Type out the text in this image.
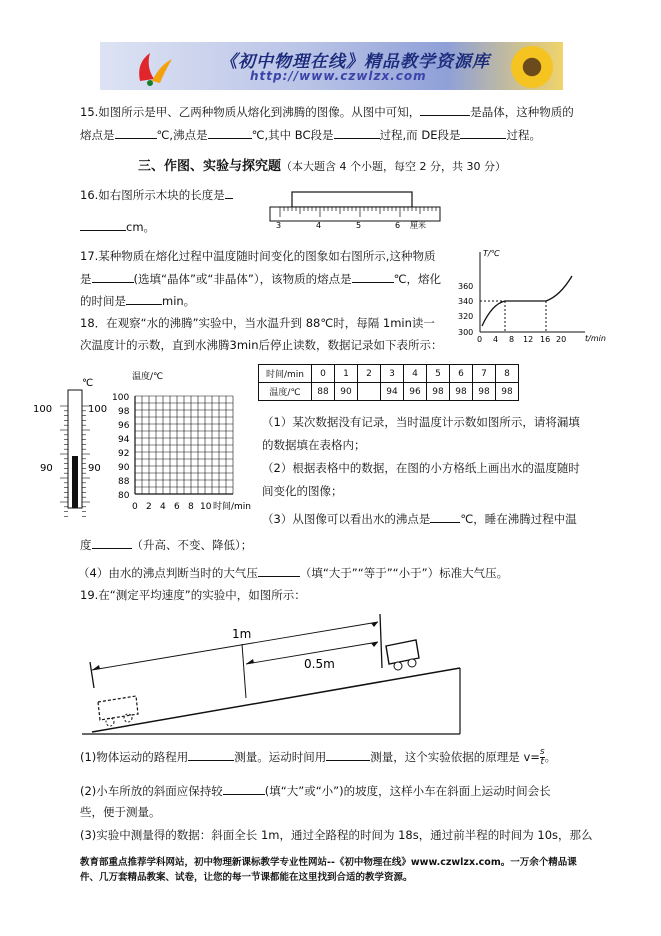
《初中物理在线》精品教学资源库
http://www.czwlzx.com
15.如图所示是甲、乙两种物质从熔化到沸腾的图像。从图中可知，	是晶体，这种物质的
熔点是	℃,沸点是	℃,其中 BC段是	过程,而 DE段是	过程。
三、作图、实验与探究题（本大题含 4 个小题，每空 2 分，共 30 分）
16.如右图所示木块的长度是
cm。	3	4	5	6 厘米
17.某种物质在熔化过程中温度随时间变化的图象如右图所示,这种物质
是	(选填“晶体”或“非晶体”），该物质的熔点是	℃，熔化
的时间是	min。
T/℃
t/min
300
320
340
360
0 4 8 12 16 20
18．在观察“水的沸腾”实验中，当水温升到 88℃时，每隔 1min读一
次温度计的示数，直到水沸腾3min后停止读数，数据记录如下表所示：
℃
100	100
90	90
温度/℃
100
98
96
94
92
90
88
80
0 2 4 6 8 10 时间/min
时间/min	0	1	2	3	4	5	6	7	8
温度/℃	88	90		94	96	98	98	98	98
（1）某次数据没有记录，当时温度计示数如图所示，请将漏填
的数据填在表格内；
（2）根据表格中的数据，在图的小方格纸上画出水的温度随时
间变化的图像；
（3）从图像可以看出水的沸点是	℃，睡在沸腾过程中温
度	（升高、不变、降低）；
（4）由水的沸点判断当时的大气压	（填“大于”“等于”“小于”）标准大气压。
19.在“测定平均速度”的实验中，如图所示：
1m
0.5m
(1)物体运动的路程用	测量。运动时间用	测量，这个实验依据的原理是 $v= \frac{s}{t}$ 。
(2)小车所放的斜面应保持较	(填“大”或“小”)的坡度，这样小车在斜面上运动时间会长
些，便于测量。
(3)实验中测量得的数据：斜面全长 1m，通过全路程的时间为 18s，通过前半程的时间为 10s，那么
教育部重点推荐学科网站，初中物理新课标教学专业性网站--《初中物理在线》www.czwlzx.com。一万余个精品课
件、几万套精品教案、试卷，让您的每一节课都能在这里找到合适的教学资源。
